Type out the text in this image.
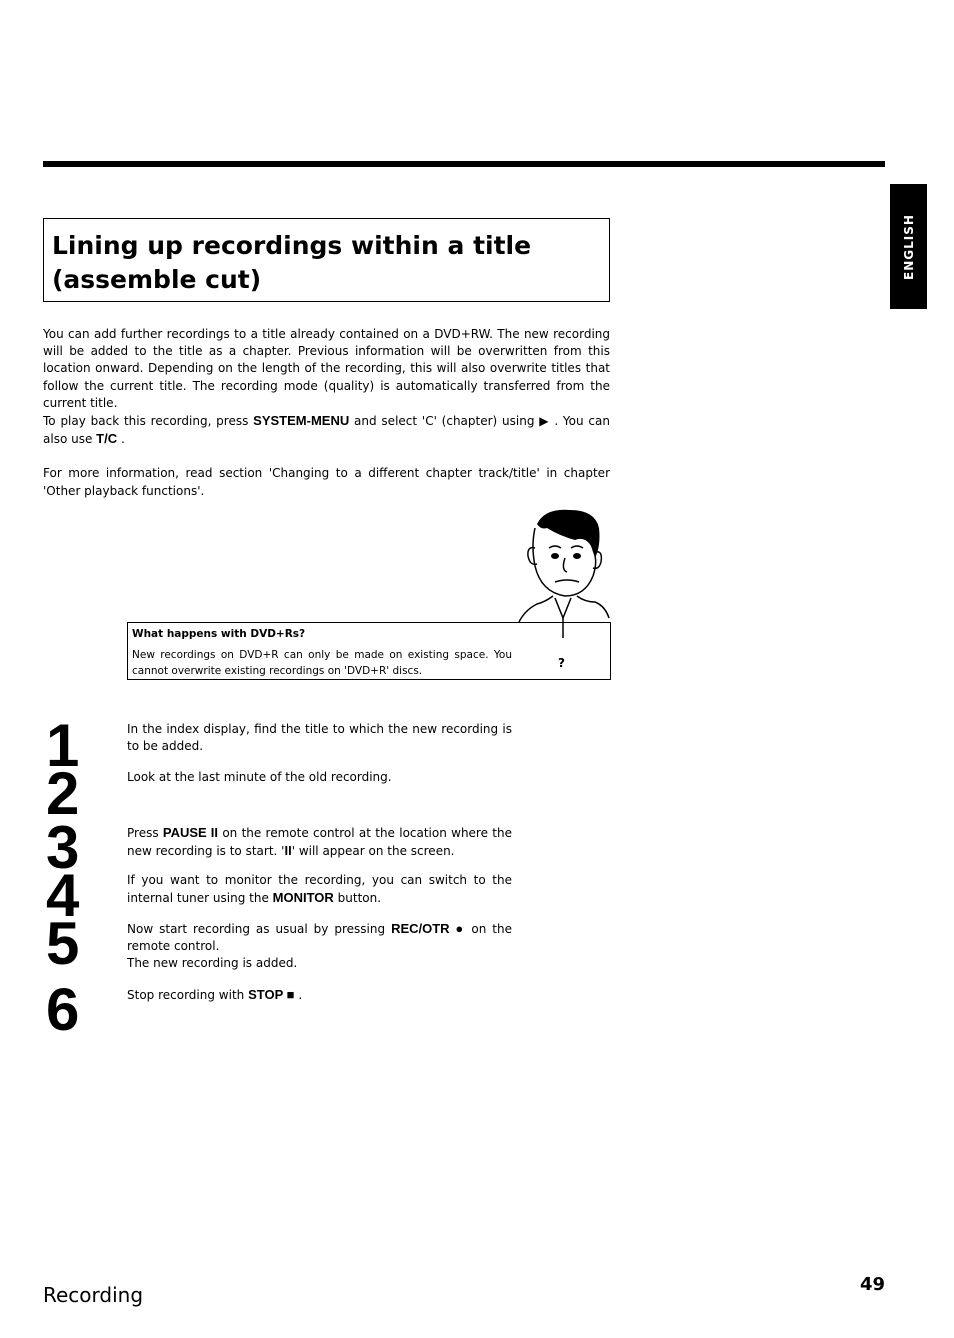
ENGLISH
Lining up recordings within a title (assemble cut)

You can add further recordings to a title already contained on a DVD+RW. The new recording will be added to the title as a chapter. Previous information will be overwritten from this location onward. Depending on the length of the recording, this will also overwrite titles that follow the current title. The recording mode (quality) is automatically transferred from the current title.

To play back this recording, press SYSTEM-MENU and select 'C' (chapter) using ▶ . You can also use T/C .

For more information, read section 'Changing to a different chapter track/title' in chapter 'Other playback functions'.

What happens with DVD+Rs?

New recordings on DVD+R can only be made on existing space. You cannot overwrite existing recordings on 'DVD+R' discs.

?
1
2
3
4
5
6

In the index display, find the title to which the new recording is to be added.

Look at the last minute of the old recording.

Press PAUSE II on the remote control at the location where the new recording is to start. 'II' will appear on the screen.

If you want to monitor the recording, you can switch to the internal tuner using the MONITOR button.

Now start recording as usual by pressing REC/OTR ● on the remote control.

The new recording is added.

Stop recording with STOP ■ .

Recording	49
